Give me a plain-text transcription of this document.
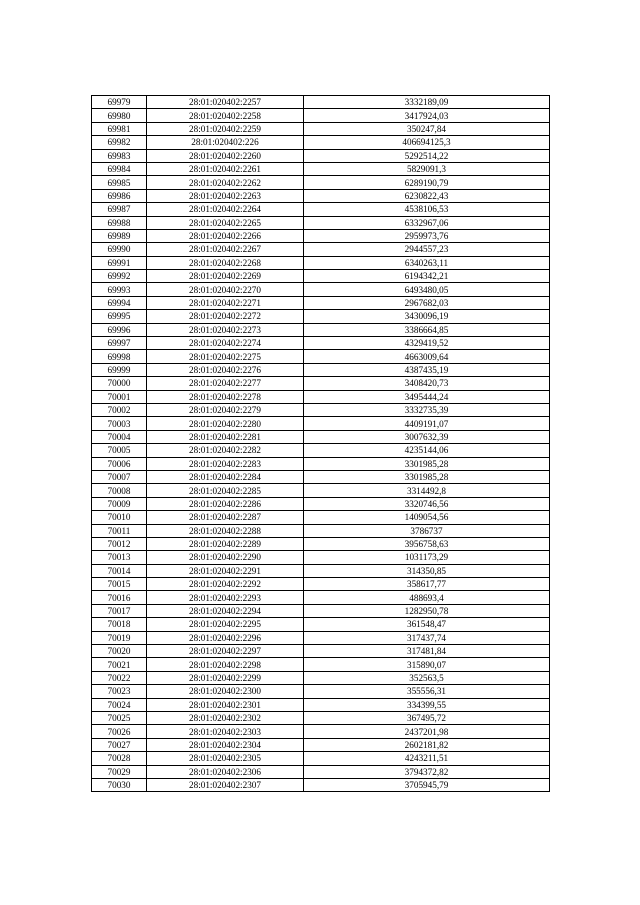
69979	28:01:020402:2257	3332189,09
69980	28:01:020402:2258	3417924,03
69981	28:01:020402:2259	350247,84
69982	28:01:020402:226	406694125,3
69983	28:01:020402:2260	5292514,22
69984	28:01:020402:2261	5829091,3
69985	28:01:020402:2262	6289190,79
69986	28:01:020402:2263	6230822,43
69987	28:01:020402:2264	4538106,53
69988	28:01:020402:2265	6332967,06
69989	28:01:020402:2266	2959973,76
69990	28:01:020402:2267	2944557,23
69991	28:01:020402:2268	6340263,11
69992	28:01:020402:2269	6194342,21
69993	28:01:020402:2270	6493480,05
69994	28:01:020402:2271	2967682,03
69995	28:01:020402:2272	3430096,19
69996	28:01:020402:2273	3386664,85
69997	28:01:020402:2274	4329419,52
69998	28:01:020402:2275	4663009,64
69999	28:01:020402:2276	4387435,19
70000	28:01:020402:2277	3408420,73
70001	28:01:020402:2278	3495444,24
70002	28:01:020402:2279	3332735,39
70003	28:01:020402:2280	4409191,07
70004	28:01:020402:2281	3007632,39
70005	28:01:020402:2282	4235144,06
70006	28:01:020402:2283	3301985,28
70007	28:01:020402:2284	3301985,28
70008	28:01:020402:2285	3314492,8
70009	28:01:020402:2286	3320746,56
70010	28:01:020402:2287	1409054,56
70011	28:01:020402:2288	3786737
70012	28:01:020402:2289	3956758,63
70013	28:01:020402:2290	1031173,29
70014	28:01:020402:2291	314350,85
70015	28:01:020402:2292	358617,77
70016	28:01:020402:2293	488693,4
70017	28:01:020402:2294	1282950,78
70018	28:01:020402:2295	361548,47
70019	28:01:020402:2296	317437,74
70020	28:01:020402:2297	317481,84
70021	28:01:020402:2298	315890,07
70022	28:01:020402:2299	352563,5
70023	28:01:020402:2300	355556,31
70024	28:01:020402:2301	334399,55
70025	28:01:020402:2302	367495,72
70026	28:01:020402:2303	2437201,98
70027	28:01:020402:2304	2602181,82
70028	28:01:020402:2305	4243211,51
70029	28:01:020402:2306	3794372,82
70030	28:01:020402:2307	3705945,79
